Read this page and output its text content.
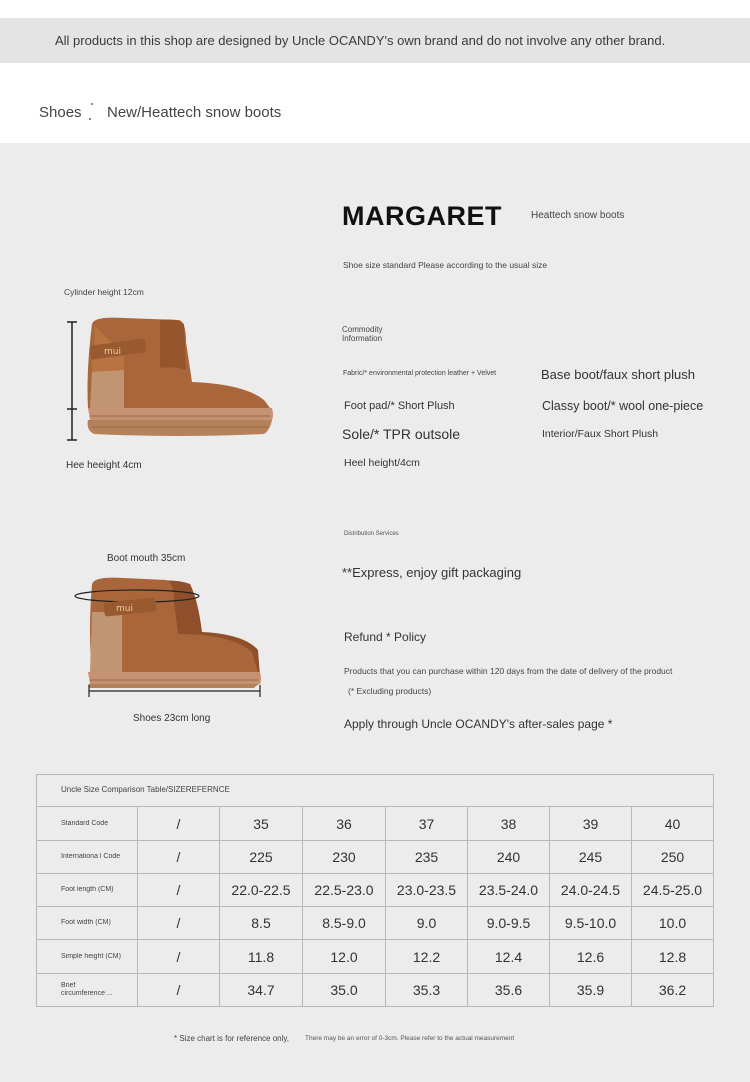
All products in this shop are designed by Uncle OCANDY's own brand and do not involve any other brand.
Shoes New/Heattech snow boots
MARGARET	Heattech snow boots
Shoe size standard Please according to the usual size
Commodity Information
Fabric/* environmental protection leather + Velvet	Base boot/faux short plush
Foot pad/* Short Plush	Classy boot/* wool one-piece
Sole/* TPR outsole	Interior/Faux Short Plush
Heel height/4cm
Cylinder height 12cm
mui
Hee heeight 4cm
Boot mouth 35cm
mui
Shoes 23cm long
Distribution Services
**Express, enjoy gift packaging
Refund * Policy
Products that you can purchase within 120 days from the date of delivery of the product
(* Excluding products)
Apply through Uncle OCANDY's after-sales page *
Uncle Size Comparison Table/SIZEREFERNCE
Standard Code	/	35	36	37	38	39	40
Internationa l Code	/	225	230	235	240	245	250
Foot length (CM)	/	22.0-22.5	22.5-23.0	23.0-23.5	23.5-24.0	24.0-24.5	24.5-25.0
Foot width (CM)	/	8.5	8.5-9.0	9.0	9.0-9.5	9.5-10.0	10.0
Simple height (CM)	/	11.8	12.0	12.2	12.4	12.6	12.8
Brief circumference ...	/	34.7	35.0	35.3	35.6	35.9	36.2
* Size chart is for reference only, There may be an error of 0-3cm. Please refer to the actual measurement
